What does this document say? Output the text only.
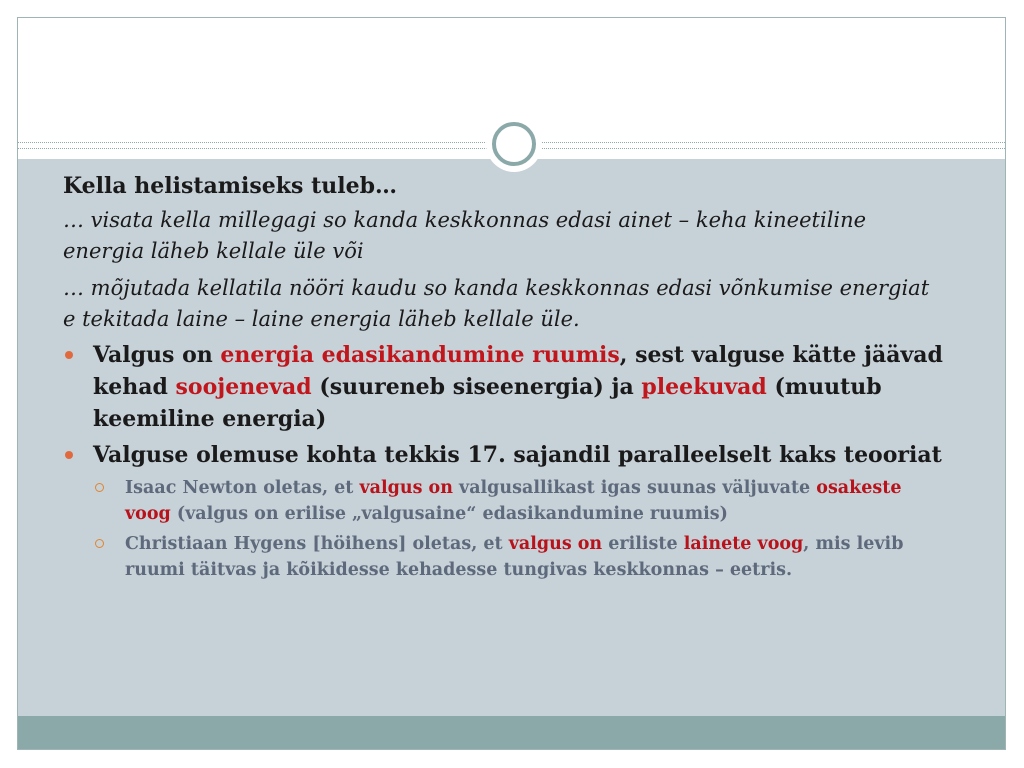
Kella helistamiseks tuleb…

… visata kella millegagi so kanda keskkonnas edasi ainet – keha kineetiline energia läheb kellale üle või

… mõjutada kellatila nööri kaudu so kanda keskkonnas edasi võnkumise energiat e tekitada laine – laine energia läheb kellale üle.

Valgus on energia edasikandumine ruumis, sest valguse kätte jäävad kehad soojenevad (suureneb siseenergia) ja pleekuvad (muutub keemiline energia)
Valguse olemuse kohta tekkis 17. sajandil paralleelselt kaks teooriat
Isaac Newton oletas, et valgus on valgusallikast igas suunas väljuvate osakeste voog (valgus on erilise „valgusaine“ edasikandumine ruumis)
Christiaan Hygens [höihens] oletas, et valgus on eriliste lainete voog, mis levib ruumi täitvas ja kõikidesse kehadesse tungivas keskkonnas – eetris.
